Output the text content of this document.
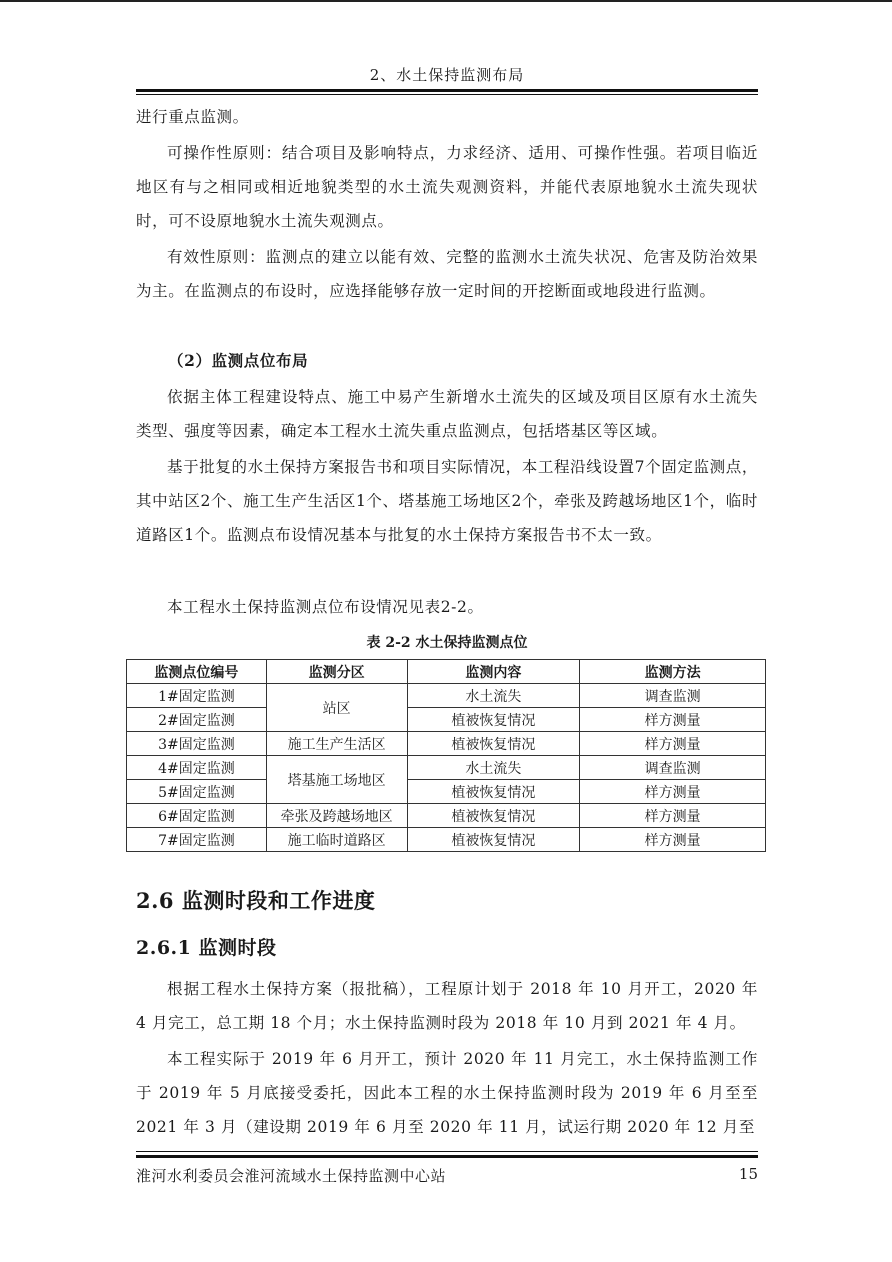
2、水土保持监测布局

进行重点监测。

可操作性原则：结合项目及影响特点，力求经济、适用、可操作性强。若项目临近地区有与之相同或相近地貌类型的水土流失观测资料，并能代表原地貌水土流失现状时，可不设原地貌水土流失观测点。

有效性原则：监测点的建立以能有效、完整的监测水土流失状况、危害及防治效果为主。在监测点的布设时，应选择能够存放一定时间的开挖断面或地段进行监测。

（2）监测点位布局

依据主体工程建设特点、施工中易产生新增水土流失的区域及项目区原有水土流失类型、强度等因素，确定本工程水土流失重点监测点，包括塔基区等区域。

基于批复的水土保持方案报告书和项目实际情况，本工程沿线设置7个固定监测点，其中站区2个、施工生产生活区1个、塔基施工场地区2个，牵张及跨越场地区1个，临时道路区1个。监测点布设情况基本与批复的水土保持方案报告书不太一致。

本工程水土保持监测点位布设情况见表2-2。

表 2-2 水土保持监测点位
监测点位编号	监测分区	监测内容	监测方法
1#固定监测	站区	水土流失	调查监测
2#固定监测		植被恢复情况	样方测量
3#固定监测	施工生产生活区	植被恢复情况	样方测量
4#固定监测	塔基施工场地区	水土流失	调查监测
5#固定监测		植被恢复情况	样方测量
6#固定监测	牵张及跨越场地区	植被恢复情况	样方测量
7#固定监测	施工临时道路区	植被恢复情况	样方测量
2.6 监测时段和工作进度
2.6.1 监测时段

根据工程水土保持方案（报批稿），工程原计划于 2018 年 10 月开工，2020 年 4 月完工，总工期 18 个月；水土保持监测时段为 2018 年 10 月到 2021 年 4 月。

本工程实际于 2019 年 6 月开工，预计 2020 年 11 月完工，水土保持监测工作于 2019 年 5 月底接受委托，因此本工程的水土保持监测时段为 2019 年 6 月至至 2021 年 3 月（建设期 2019 年 6 月至 2020 年 11 月，试运行期 2020 年 12 月至

淮河水利委员会淮河流域水土保持监测中心站	15
